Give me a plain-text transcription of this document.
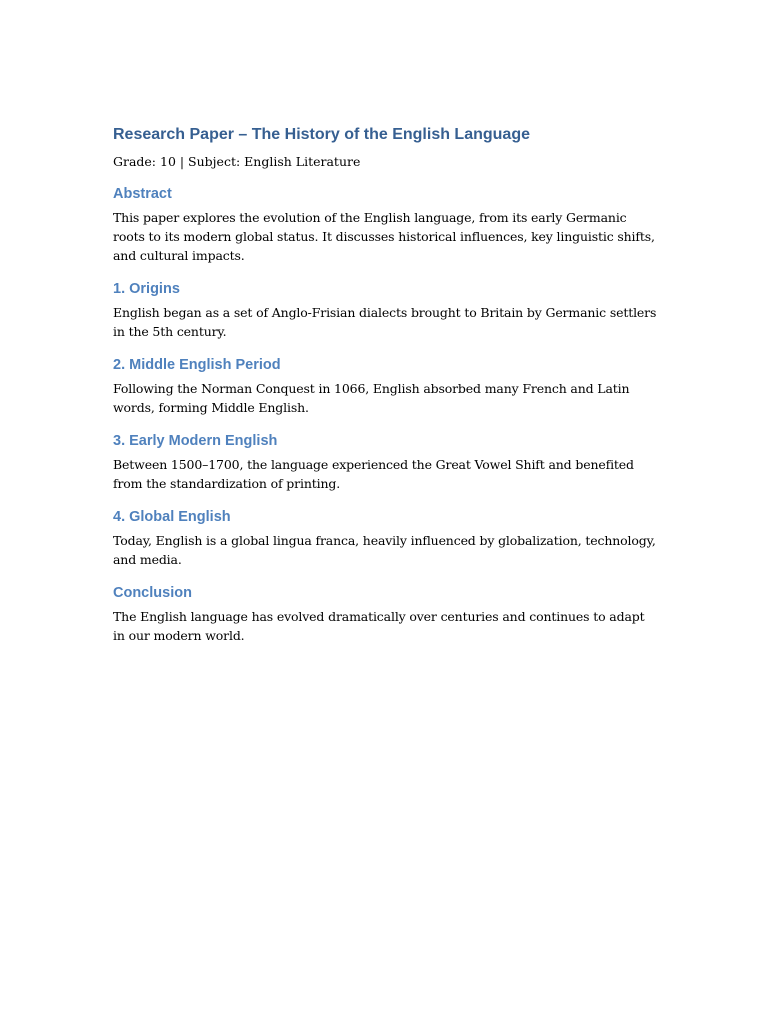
Research Paper – The History of the English Language

Grade: 10 | Subject: English Literature

Abstract

This paper explores the evolution of the English language, from its early Germanic roots to its modern global status. It discusses historical influences, key linguistic shifts, and cultural impacts.

1. Origins

English began as a set of Anglo-Frisian dialects brought to Britain by Germanic settlers in the 5th century.

2. Middle English Period

Following the Norman Conquest in 1066, English absorbed many French and Latin words, forming Middle English.

3. Early Modern English

Between 1500–1700, the language experienced the Great Vowel Shift and benefited from the standardization of printing.

4. Global English

Today, English is a global lingua franca, heavily influenced by globalization, technology, and media.

Conclusion

The English language has evolved dramatically over centuries and continues to adapt in our modern world.
